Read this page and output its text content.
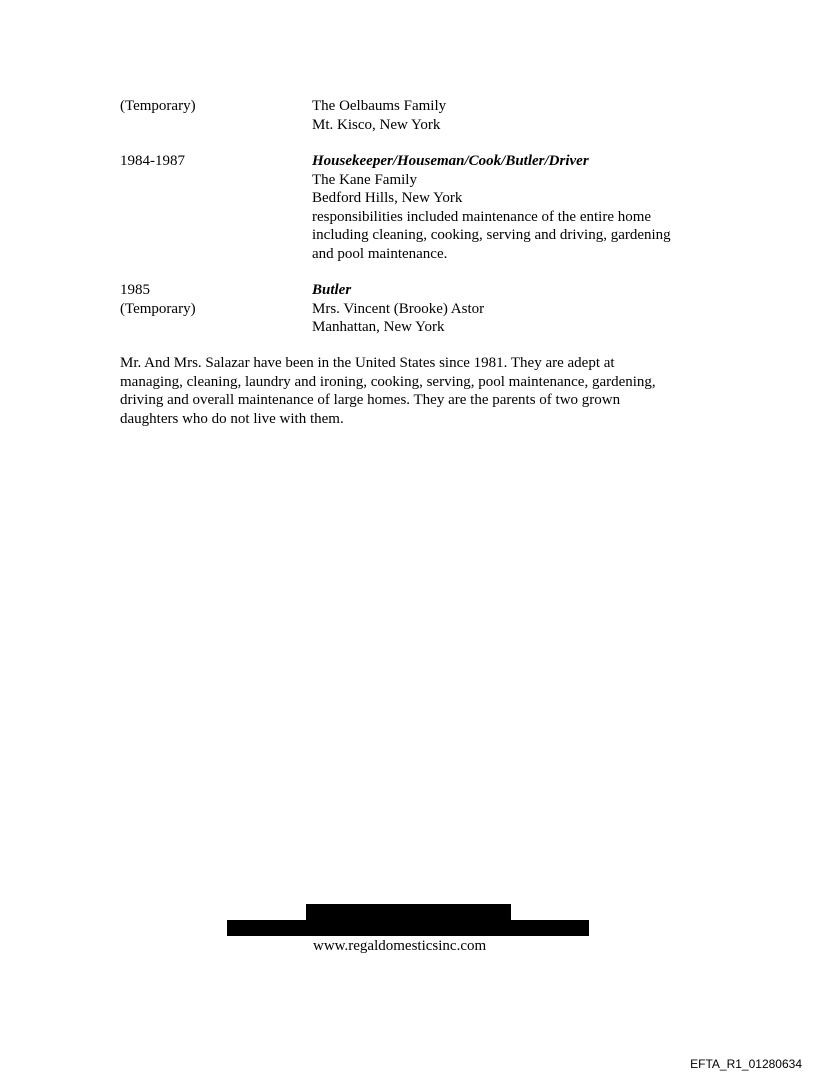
(Temporary)	The Oelbaums Family
Mt. Kisco, New York
1984-1987	Housekeeper/Houseman/Cook/Butler/Driver
The Kane Family
Bedford Hills, New York
responsibilities included maintenance of the entire home
including cleaning, cooking, serving and driving, gardening
and pool maintenance.
1985
(Temporary)
Butler
Mrs. Vincent (Brooke) Astor
Manhattan, New York
Mr. And Mrs. Salazar have been in the United States since 1981. They are adept at
managing, cleaning, laundry and ironing, cooking, serving, pool maintenance, gardening,
driving and overall maintenance of large homes. They are the parents of two grown
daughters who do not live with them.
www.regaldomesticsinc.com
EFTA_R1_01280634
